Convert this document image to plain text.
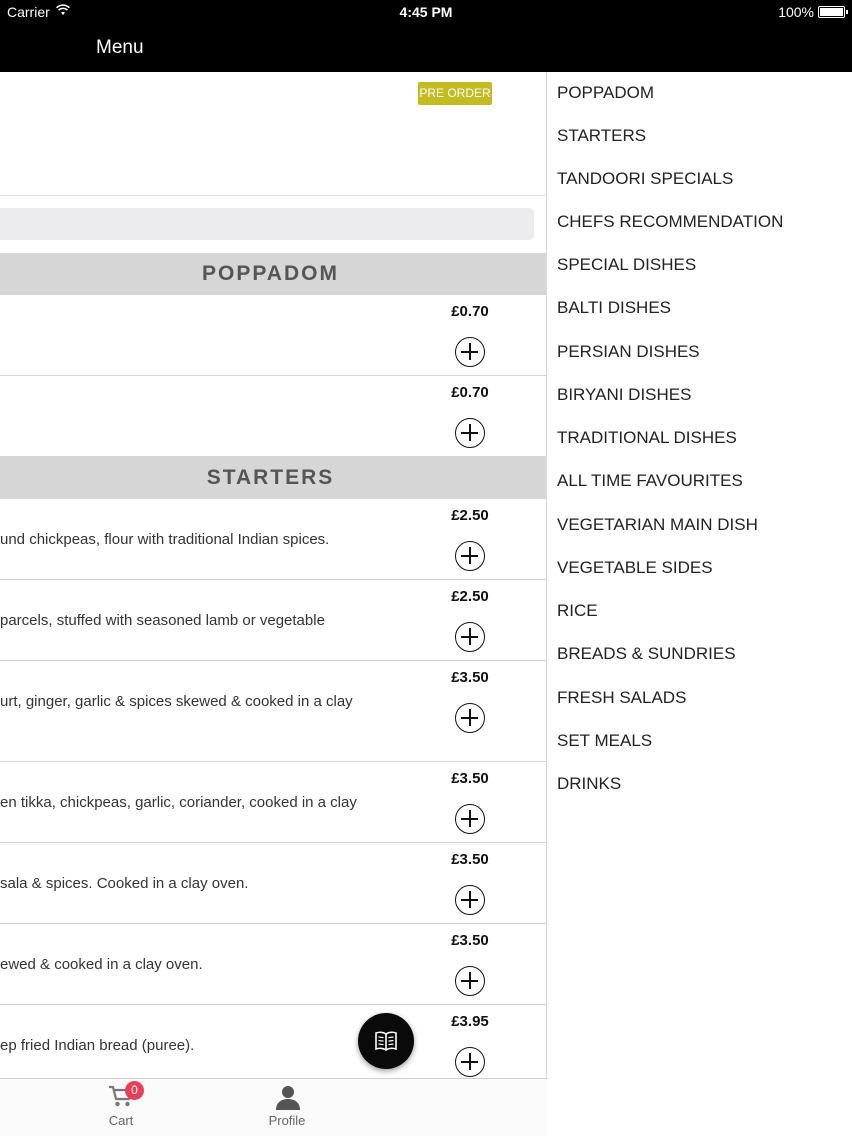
Carrier	4:45 PM	100%
Menu
PRE ORDER
POPPADOM
£0.70
£0.70
STARTERS
und chickpeas, flour with traditional Indian spices.
£2.50
parcels, stuffed with seasoned lamb or vegetable
£2.50
urt, ginger, garlic & spices skewed & cooked in a clay
£3.50
en tikka, chickpeas, garlic, coriander, cooked in a clay
£3.50
sala & spices. Cooked in a clay oven.
£3.50
ewed & cooked in a clay oven.
£3.50
ep fried Indian bread (puree).
£3.95
0
Cart	Profile
POPPADOM
STARTERS
TANDOORI SPECIALS
CHEFS RECOMMENDATION
SPECIAL DISHES
BALTI DISHES
PERSIAN DISHES
BIRYANI DISHES
TRADITIONAL DISHES
ALL TIME FAVOURITES
VEGETARIAN MAIN DISH
VEGETABLE SIDES
RICE
BREADS & SUNDRIES
FRESH SALADS
SET MEALS
DRINKS
